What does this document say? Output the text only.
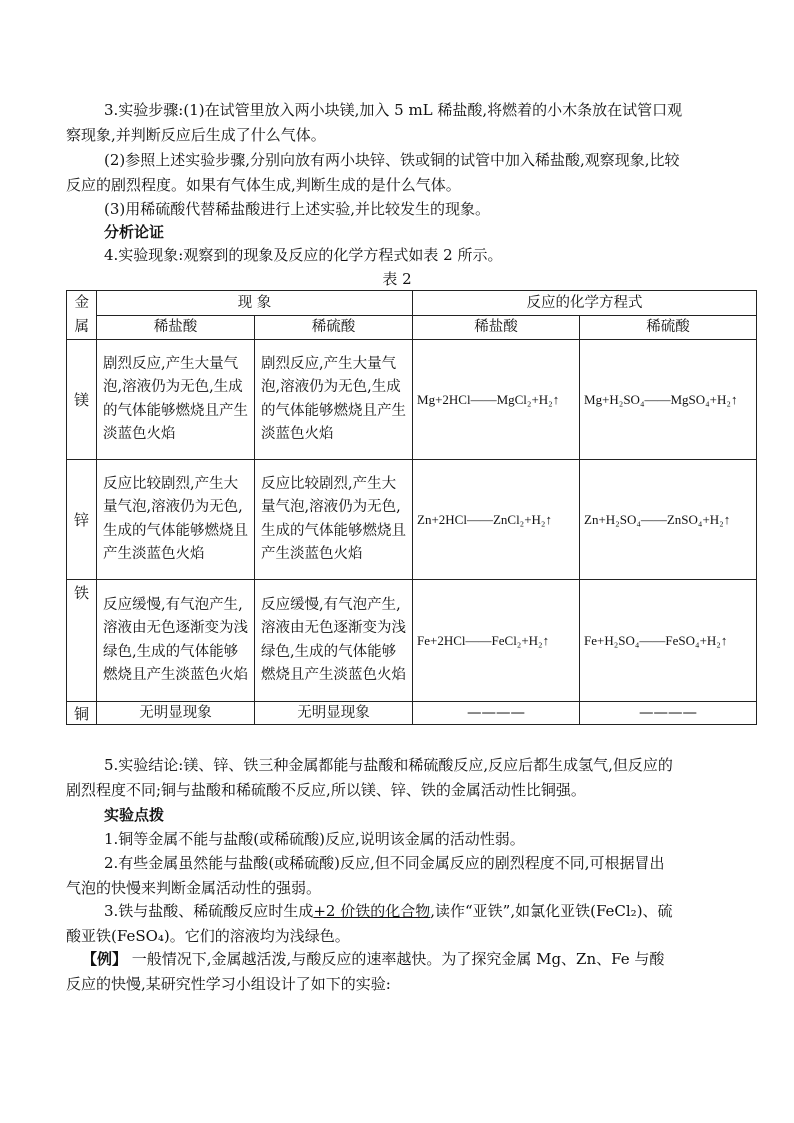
3.实验步骤:(1)在试管里放入两小块镁,加入 5 mL 稀盐酸,将燃着的小木条放在试管口观
察现象,并判断反应后生成了什么气体。

(2)参照上述实验步骤,分别向放有两小块锌、铁或铜的试管中加入稀盐酸,观察现象,比较
反应的剧烈程度。如果有气体生成,判断生成的是什么气体。

(3)用稀硫酸代替稀盐酸进行上述实验,并比较发生的现象。

分析论证

4.实验现象:观察到的现象及反应的化学方程式如表 2 所示。

表 2
金属	现 象		反应的化学方程式	
	稀盐酸	稀硫酸	稀盐酸	稀硫酸
镁	剧烈反应,产生大量气泡,溶液仍为无色,生成的气体能够燃烧且产生淡蓝色火焰	剧烈反应,产生大量气泡,溶液仍为无色,生成的气体能够燃烧且产生淡蓝色火焰	Mg+2HCl——MgCl₂+H₂↑	Mg+H₂SO₄——MgSO₄+H₂↑
锌	反应比较剧烈,产生大量气泡,溶液仍为无色,生成的气体能够燃烧且产生淡蓝色火焰	反应比较剧烈,产生大量气泡,溶液仍为无色,生成的气体能够燃烧且产生淡蓝色火焰	Zn+2HCl——ZnCl₂+H₂↑	Zn+H₂SO₄——ZnSO₄+H₂↑
铁	反应缓慢,有气泡产生,溶液由无色逐渐变为浅绿色,生成的气体能够燃烧且产生淡蓝色火焰	反应缓慢,有气泡产生,溶液由无色逐渐变为浅绿色,生成的气体能够燃烧且产生淡蓝色火焰	Fe+2HCl——FeCl₂+H₂↑	Fe+H₂SO₄——FeSO₄+H₂↑
铜	无明显现象	无明显现象	————	————

5.实验结论:镁、锌、铁三种金属都能与盐酸和稀硫酸反应,反应后都生成氢气,但反应的
剧烈程度不同;铜与盐酸和稀硫酸不反应,所以镁、锌、铁的金属活动性比铜强。

实验点拨

1.铜等金属不能与盐酸(或稀硫酸)反应,说明该金属的活动性弱。

2.有些金属虽然能与盐酸(或稀硫酸)反应,但不同金属反应的剧烈程度不同,可根据冒出
气泡的快慢来判断金属活动性的强弱。

3.铁与盐酸、稀硫酸反应时生成+2 价铁的化合物,读作“亚铁”,如氯化亚铁(FeCl₂)、硫
酸亚铁(FeSO₄)。它们的溶液均为浅绿色。

【例】 一般情况下,金属越活泼,与酸反应的速率越快。为了探究金属 Mg、Zn、Fe 与酸
反应的快慢,某研究性学习小组设计了如下的实验:
